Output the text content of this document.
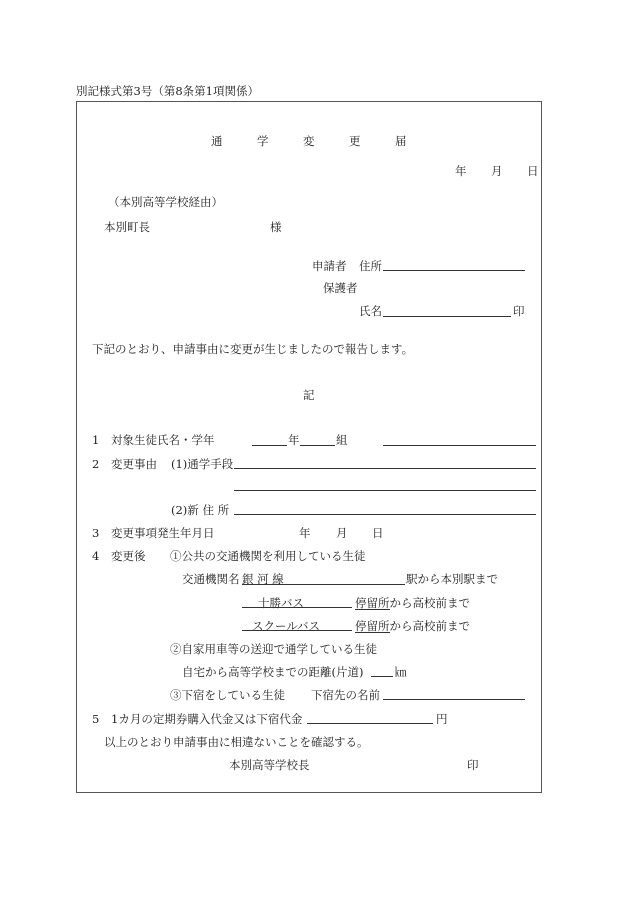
別記様式第3号（第8条第1項関係）
通	学	変	更	届
年 月 日
（本別高等学校経由）
本別町長	様
申請者 住所
保護者
氏名	印
下記のとおり、申請事由に変更が生じましたので報告します。
記
1 対象生徒氏名・学年	年	組
2 変更事由 (1)通学手段
(2)新 住 所
3 変更事項発生年月日	年 月 日
4 変更後 ①公共の交通機関を利用している生徒
交通機関名 銀 河 線	駅から本別駅まで
十勝バス	停留所から高校前まで
スクールバス	停留所から高校前まで
②自家用車等の送迎で通学している生徒
自宅から高等学校までの距離(片道)	㎞
③下宿をしている生徒 下宿先の名前
5 1カ月の定期券購入代金又は下宿代金	円
以上のとおり申請事由に相違ないことを確認する。
本別高等学校長	印
